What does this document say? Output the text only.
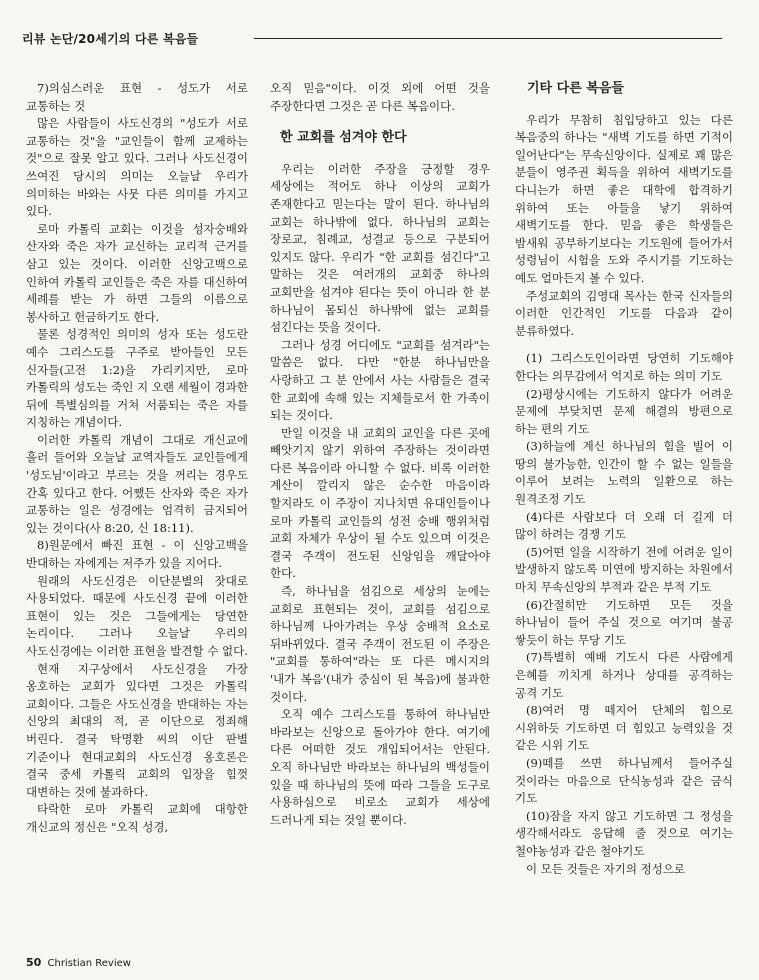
리뷰 논단/20세기의 다른 복음들

7)의심스러운 표현 - 성도가 서로 교통하는 것

많은 사람들이 사도신경의 "성도가 서로 교통하는 것"을 "교인들이 함께 교제하는 것"으로 잘못 알고 있다. 그러나 사도신경이 쓰여진 당시의 의미는 오늘날 우리가 의미하는 바와는 사뭇 다른 의미를 가지고 있다.

로마 카톨릭 교회는 이것을 성자숭배와 산자와 죽은 자가 교신하는 교리적 근거를 삼고 있는 것이다. 이러한 신앙고백으로 인하여 카톨릭 교인들은 죽은 자를 대신하여 세례를 받는 가 하면 그들의 이름으로 봉사하고 헌금하기도 한다.

물론 성경적인 의미의 성자 또는 성도란 예수 그리스도를 구주로 받아들인 모든 신자들(고전 1:2)을 가리키지만, 로마 카톨릭의 성도는 죽인 지 오랜 세월이 경과한 뒤에 특별심의를 거쳐 서품되는 죽은 자를 지칭하는 개념이다.

이러한 카톨릭 개념이 그대로 개신교에 흘러 들어와 오늘날 교역자들도 교인들에게 '성도님'이라고 부르는 것을 꺼리는 경우도 간혹 있다고 한다. 어쨌든 산자와 죽은 자가 교통하는 일은 성경에는 엄격히 금지되어 있는 것이다(사 8:20, 신 18:11).

8)원문에서 빠진 표현 - 이 신앙고백을 반대하는 자에게는 저주가 있을 지어다.

원래의 사도신경은 이단분별의 잣대로 사용되었다. 때문에 사도신경 끝에 이러한 표현이 있는 것은 그들에게는 당연한 논리이다. 그러나 오늘날 우리의 사도신경에는 이러한 표현을 발견할 수 없다.

현재 지구상에서 사도신경을 가장 옹호하는 교회가 있다면 그것은 카톨릭 교회이다. 그들은 사도신경을 반대하는 자는 신앙의 최대의 적, 곧 이단으로 정죄해 버린다. 결국 탁명환 씨의 이단 판별 기준이나 현대교회의 사도신경 옹호론은 결국 중세 카톨릭 교회의 입장을 힘껏 대변하는 것에 불과하다.

타락한 로마 카톨릭 교회에 대항한 개신교의 정신은 "오직 성경,

오직 믿음"이다. 이것 외에 어떤 것을 주장한다면 그것은 곧 다른 복음이다.

한 교회를 섬겨야 한다

우리는 이러한 주장을 긍정할 경우 세상에는 적어도 하나 이상의 교회가 존재한다고 믿는다는 말이 된다. 하나님의 교회는 하나밖에 없다. 하나님의 교회는 장로교, 침례교, 성결교 등으로 구분되어 있지도 않다. 우리가 "한 교회를 섬긴다"고 말하는 것은 여러개의 교회중 하나의 교회만을 섬겨야 된다는 뜻이 아니라 한 분 하나님이 몸되신 하나밖에 없는 교회를 섬긴다는 뜻을 것이다.

그러나 성경 어디에도 "교회를 섬겨라"는 말씀은 없다. 다만 "한분 하나님만을 사랑하고 그 분 안에서 사는 사람들은 결국 한 교회에 속해 있는 지체들로서 한 가족이 되는 것이다.

만일 이것을 내 교회의 교인을 다른 곳에 빼앗기지 않기 위하여 주장하는 것이라면 다른 복음이라 아니할 수 없다. 비록 이러한 계산이 깔리지 않은 순수한 마음이라 할지라도 이 주장이 지나치면 유대인들이나 로마 카톨릭 교인들의 성전 숭배 행위처럼 교회 자체가 우상이 될 수도 있으며 이것은 결국 주객이 전도된 신앙임을 깨달아야 한다.

즉, 하나님을 섬김으로 세상의 눈에는 교회로 표현되는 것이, 교회를 섬김으로 하나님께 나아가려는 우상 숭배적 요소로 뒤바뀌었다. 결국 주객이 전도된 이 주장은 "교회를 통하여"라는 또 다른 메시지의 '내가 복음'(내가 중심이 된 복음)에 불과한 것이다.

오직 예수 그리스도를 통하여 하나님만 바라보는 신앙으로 돌아가야 한다. 여기에 다른 어떠한 것도 개입되어서는 안된다. 오직 하나님만 바라보는 하나님의 백성들이 있을 때 하나님의 뜻에 따라 그들을 도구로 사용하심으로 비로소 교회가 세상에 드러나게 되는 것일 뿐이다.

기타 다른 복음들

우리가 무참히 침입당하고 있는 다른 복음중의 하나는 "새벽 기도를 하면 기적이 일어난다"는 무속신앙이다. 실제로 꽤 많은 분들이 영주권 획득을 위하여 새벽기도를 다니는가 하면 좋은 대학에 합격하기 위하여 또는 아들을 낳기 위하여 새벽기도를 한다. 믿음 좋은 학생들은 밤새워 공부하기보다는 기도원에 들어가서 성령님이 시험을 도와 주시기를 기도하는 예도 얼마든지 볼 수 있다.

주성교회의 김영대 목사는 한국 신자들의 이러한 인간적인 기도를 다음과 같이 분류하였다.

(1) 그리스도인이라면 당연히 기도해야 한다는 의무감에서 억지로 하는 의미 기도

(2)평상시에는 기도하지 않다가 어려운 문제에 부닺치면 문제 해결의 방편으로 하는 편의 기도

(3)하늘에 계신 하나님의 힘을 빌어 이 땅의 불가능한, 인간이 할 수 없는 일들을 이루어 보려는 노력의 일환으로 하는 원격조정 기도

(4)다른 사람보다 더 오래 더 길게 더 많이 하려는 경쟁 기도

(5)어떤 일을 시작하기 전에 어려운 일이 발생하지 않도록 미연에 방지하는 차원에서 마치 무속신앙의 부적과 같은 부적 기도

(6)간절히만 기도하면 모든 것을 하나님이 들어 주실 것으로 여기며 불공 쌓듯이 하는 무당 기도

(7)특별히 예배 기도시 다른 사람에게 은혜를 끼치게 하거나 상대를 공격하는 공격 기도

(8)여러 명 떼지어 단체의 힘으로 시위하듯 기도하면 더 힘있고 능력있을 것 같은 시위 기도

(9)떼를 쓰면 하나님께서 들어주실 것이라는 마음으로 단식농성과 같은 금식 기도

(10)잠을 자지 않고 기도하면 그 정성을 생각해서라도 응답해 줄 것으로 여기는 철야농성과 같은 철야기도

이 모든 것들은 자기의 정성으로

50 Christian Review
